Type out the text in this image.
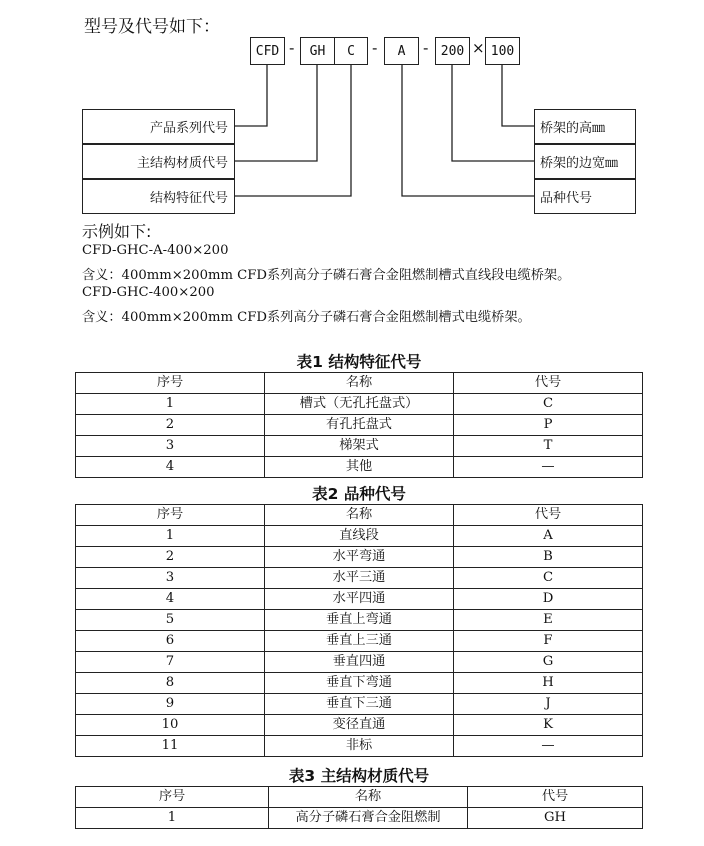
型号及代号如下：
CFD -	GH	C	-	A	- 200 × 100
产品系列代号
主结构材质代号
结构特征代号
桥架的高㎜
桥架的边宽㎜
品种代号
示例如下:
CFD-GHC-A-400×200
含义：400mm×200mm CFD系列高分子磷石膏合金阻燃制槽式直线段电缆桥架。
CFD-GHC-400×200
含义：400mm×200mm CFD系列高分子磷石膏合金阻燃制槽式电缆桥架。
表1 结构特征代号
序号	名称	代号
1	槽式（无孔托盘式）	C
2	有孔托盘式	P
3	梯架式	T
4	其他	—
表2 品种代号
序号	名称	代号
1	直线段	A
2	水平弯通	B
3	水平三通	C
4	水平四通	D
5	垂直上弯通	E
6	垂直上三通	F
7	垂直四通	G
8	垂直下弯通	H
9	垂直下三通	J
10	变径直通	K
11	非标	—
表3 主结构材质代号
序号	名称	代号
1	高分子磷石膏合金阻燃制	GH
